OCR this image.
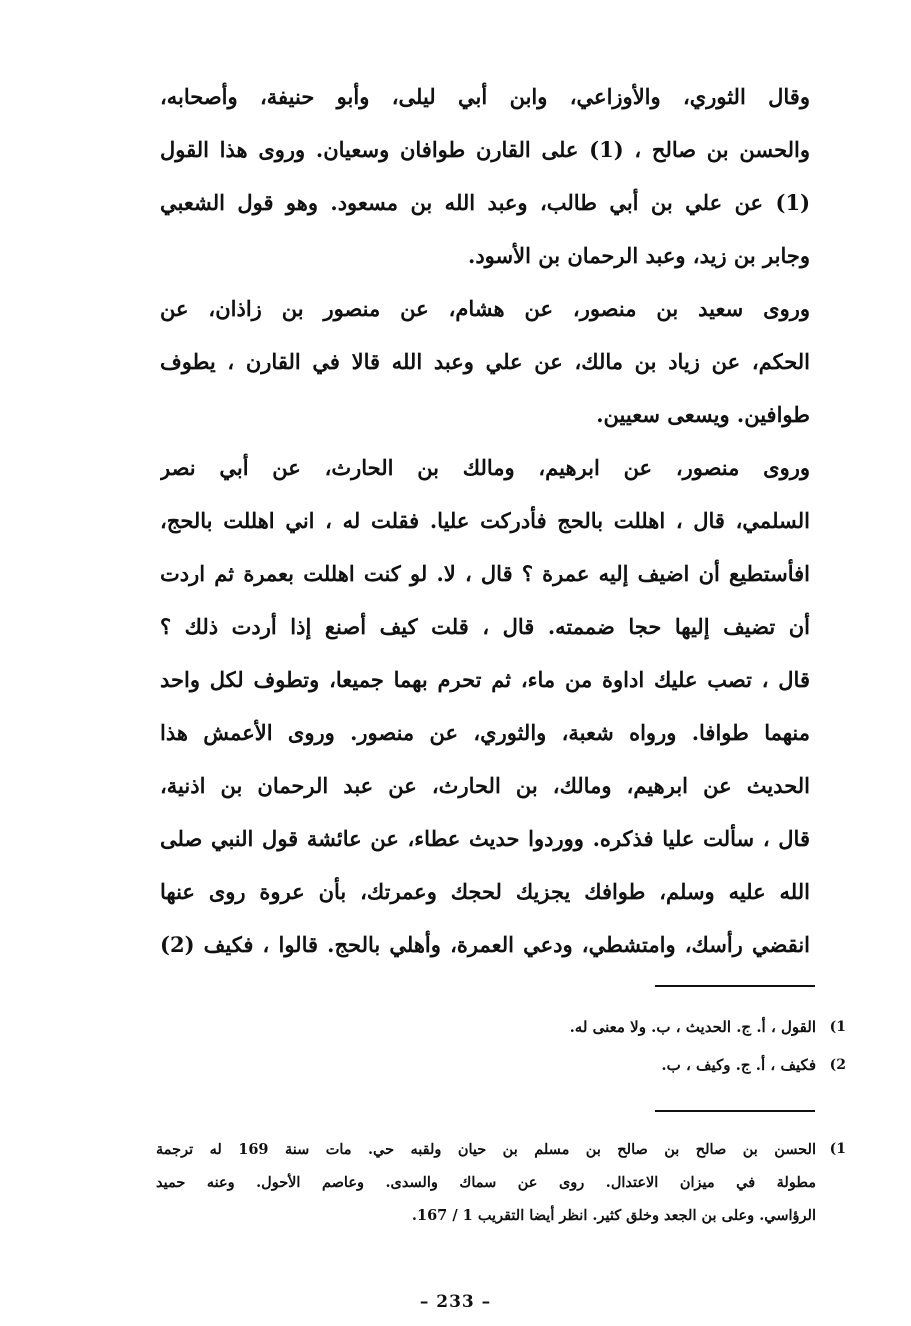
وقال الثوري، والأوزاعي، وابن أبي ليلى، وأبو حنيفة، وأصحابه،
والحسن بن صالح ، (1) على القارن طوافان وسعيان. وروى هذا القول
(1) عن علي بن أبي طالب، وعبد الله بن مسعود. وهو قول الشعبي
وجابر بن زيد، وعبد الرحمان بن الأسود.
وروى سعيد بن منصور، عن هشام، عن منصور بن زاذان، عن
الحكم، عن زياد بن مالك، عن علي وعبد الله قالا في القارن ، يطوف
طوافين. ويسعى سعيين.
وروى منصور، عن ابرهيم، ومالك بن الحارث، عن أبي نصر
السلمي، قال ، اهللت بالحج فأدركت عليا. فقلت له ، اني اهللت بالحج،
افأستطيع أن اضيف إليه عمرة ؟ قال ، لا. لو كنت اهللت بعمرة ثم اردت
أن تضيف إليها حجا ضممته. قال ، قلت كيف أصنع إذا أردت ذلك ؟
قال ، تصب عليك اداوة من ماء، ثم تحرم بهما جميعا، وتطوف لكل واحد
منهما طوافا. ورواه شعبة، والثوري، عن منصور. وروى الأعمش هذا
الحديث عن ابرهيم، ومالك، بن الحارث، عن عبد الرحمان بن اذنية،
قال ، سألت عليا فذكره. ووردوا حديث عطاء، عن عائشة قول النبي صلى
الله عليه وسلم، طوافك يجزيك لحجك وعمرتك، بأن عروة روى عنها
انقضي رأسك، وامتشطي، ودعي العمرة، وأهلي بالحج. قالوا ، فكيف (2)
1)
القول ، أ. ج. الحديث ، ب. ولا معنى له.
2)
فكيف ، أ. ج. وكيف ، ب.
1)
الحسن بن صالح بن صالح بن مسلم بن حيان ولقبه حي. مات سنة 169 له ترجمة
مطولة في ميزان الاعتدال. روى عن سماك والسدى. وعاصم الأحول. وعنه حميد
الرؤاسي. وعلى بن الجعد وخلق كثير. انظر أيضا التقريب 1 / 167.
– 233 –
